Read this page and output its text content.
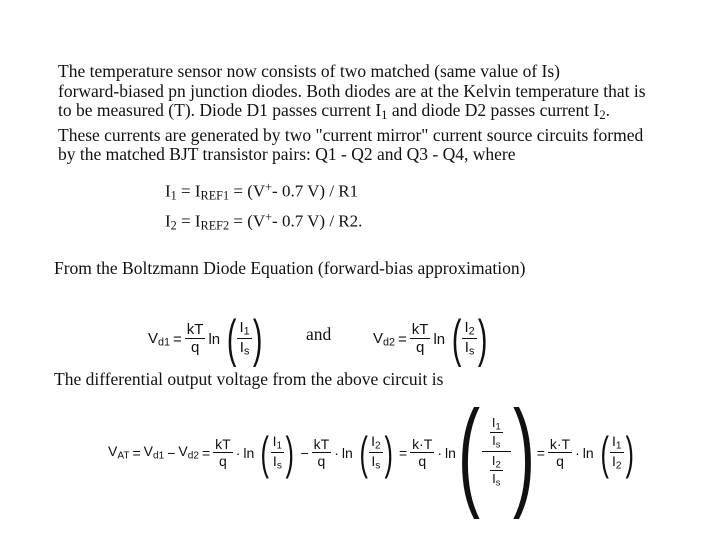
The temperature sensor now consists of two matched (same value of Is)
forward-biased pn junction diodes. Both diodes are at the Kelvin temperature that is
to be measured (T). Diode D1 passes current $I_1$ and diode D2 passes current $I_2$.
These currents are generated by two "current mirror" current source circuits formed
by the matched BJT transistor pairs: Q1 - Q2 and Q3 - Q4, where
$I_1 = I_{REF1} = (V^+-$ 0.7 V) / R1
$I_2 = I_{REF2} = (V^+-$ 0.7 V) / R2.
From the Boltzmann Diode Equation (forward-bias approximation)
$V_{d1} = \frac{kT}{q}$ ln ( $\frac{I_1}{I_s}$ )	and	$V_{d2} = \frac{kT}{q}$ ln ( $\frac{I_2}{I_s}$ )
The differential output voltage from the above circuit is
$V_{AT} = V_{d1} - V_{d2} = \frac{kT}{q} \cdot \ln$ ( $\frac{I_1}{I_s}$ ) − $\frac{kT}{q} \cdot \ln$ ( $\frac{I_2}{I_s}$ ) = $\frac{k\cdot T}{q} \cdot \ln$ ( $\frac{\frac{I_1}{I_s}}{\frac{I_2}{I_s}}$ ) = $\frac{k\cdot T}{q} \cdot \ln$ ( $\frac{I_1}{I_2}$ )
